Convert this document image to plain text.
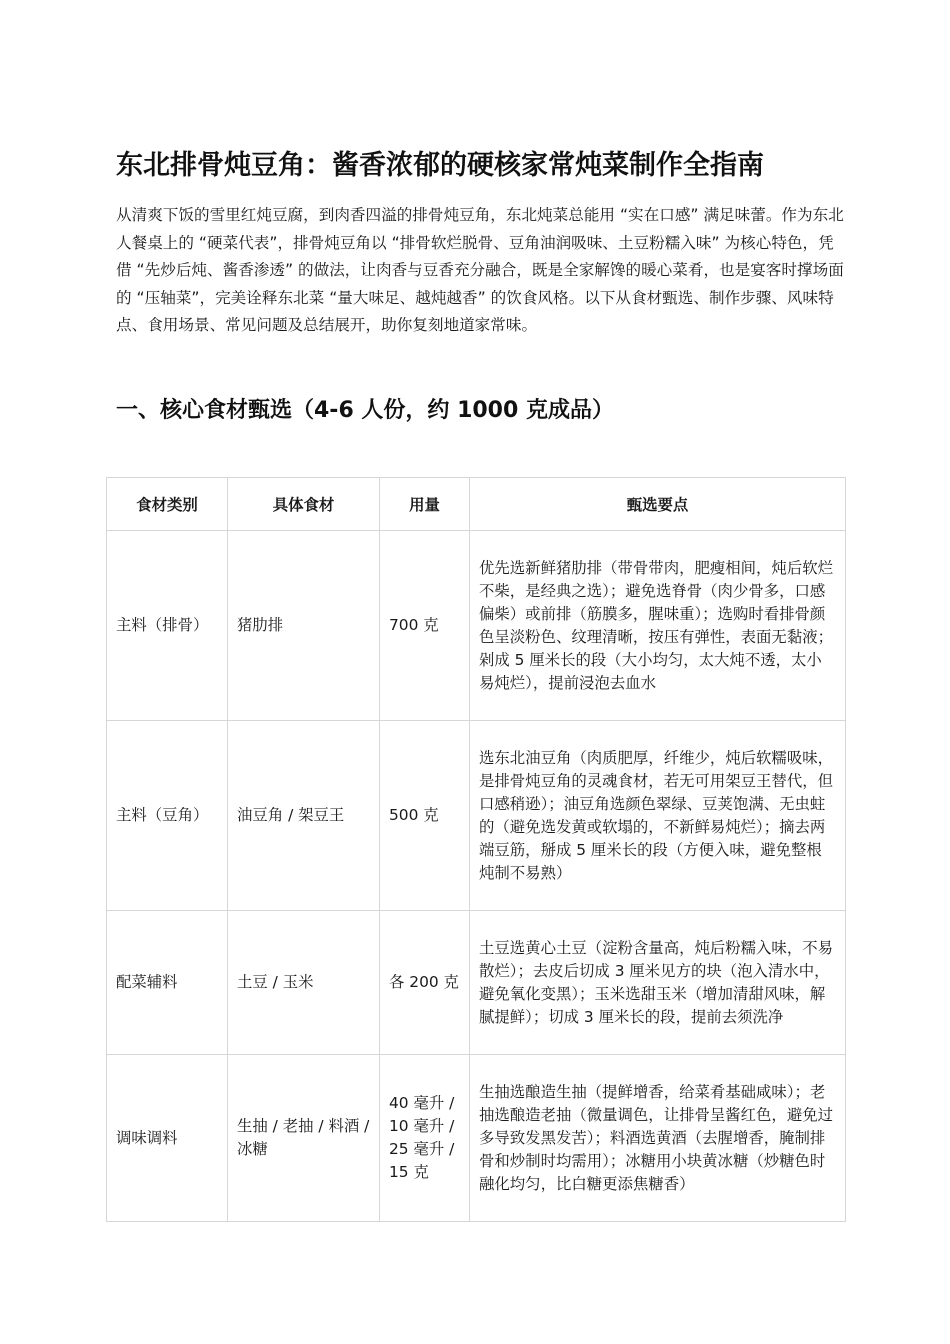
东北排骨炖豆角：酱香浓郁的硬核家常炖菜制作全指南

从清爽下饭的雪里红炖豆腐，到肉香四溢的排骨炖豆角，东北炖菜总能用 “实在口感” 满足味蕾。作为东北人餐桌上的 “硬菜代表”，排骨炖豆角以 “排骨软烂脱骨、豆角油润吸味、土豆粉糯入味” 为核心特色，凭借 “先炒后炖、酱香渗透” 的做法，让肉香与豆香充分融合，既是全家解馋的暖心菜肴，也是宴客时撑场面的 “压轴菜”，完美诠释东北菜 “量大味足、越炖越香” 的饮食风格。以下从食材甄选、制作步骤、风味特点、食用场景、常见问题及总结展开，助你复刻地道家常味。

一、核心食材甄选（4-6 人份，约 1000 克成品）
食材类别	具体食材	用量	甄选要点
主料（排骨）	猪肋排	700 克	优先选新鲜猪肋排（带骨带肉，肥瘦相间，炖后软烂不柴，是经典之选）；避免选脊骨（肉少骨多，口感偏柴）或前排（筋膜多，腥味重）；选购时看排骨颜色呈淡粉色、纹理清晰，按压有弹性，表面无黏液；剁成 5 厘米长的段（大小均匀，太大炖不透，太小易炖烂），提前浸泡去血水
主料（豆角）	油豆角 / 架豆王	500 克	选东北油豆角（肉质肥厚，纤维少，炖后软糯吸味，是排骨炖豆角的灵魂食材，若无可用架豆王替代，但口感稍逊）；油豆角选颜色翠绿、豆荚饱满、无虫蛀的（避免选发黄或软塌的，不新鲜易炖烂）；摘去两端豆筋，掰成 5 厘米长的段（方便入味，避免整根炖制不易熟）
配菜辅料	土豆 / 玉米	各 200 克	土豆选黄心土豆（淀粉含量高，炖后粉糯入味，不易散烂）；去皮后切成 3 厘米见方的块（泡入清水中，避免氧化变黑）；玉米选甜玉米（增加清甜风味，解腻提鲜）；切成 3 厘米长的段，提前去须洗净
调味调料	生抽 / 老抽 / 料酒 / 冰糖	40 毫升 / 10 毫升 / 25 毫升 / 15 克	生抽选酿造生抽（提鲜增香，给菜肴基础咸味）；老抽选酿造老抽（微量调色，让排骨呈酱红色，避免过多导致发黑发苦）；料酒选黄酒（去腥增香，腌制排骨和炒制时均需用）；冰糖用小块黄冰糖（炒糖色时融化均匀，比白糖更添焦糖香）
